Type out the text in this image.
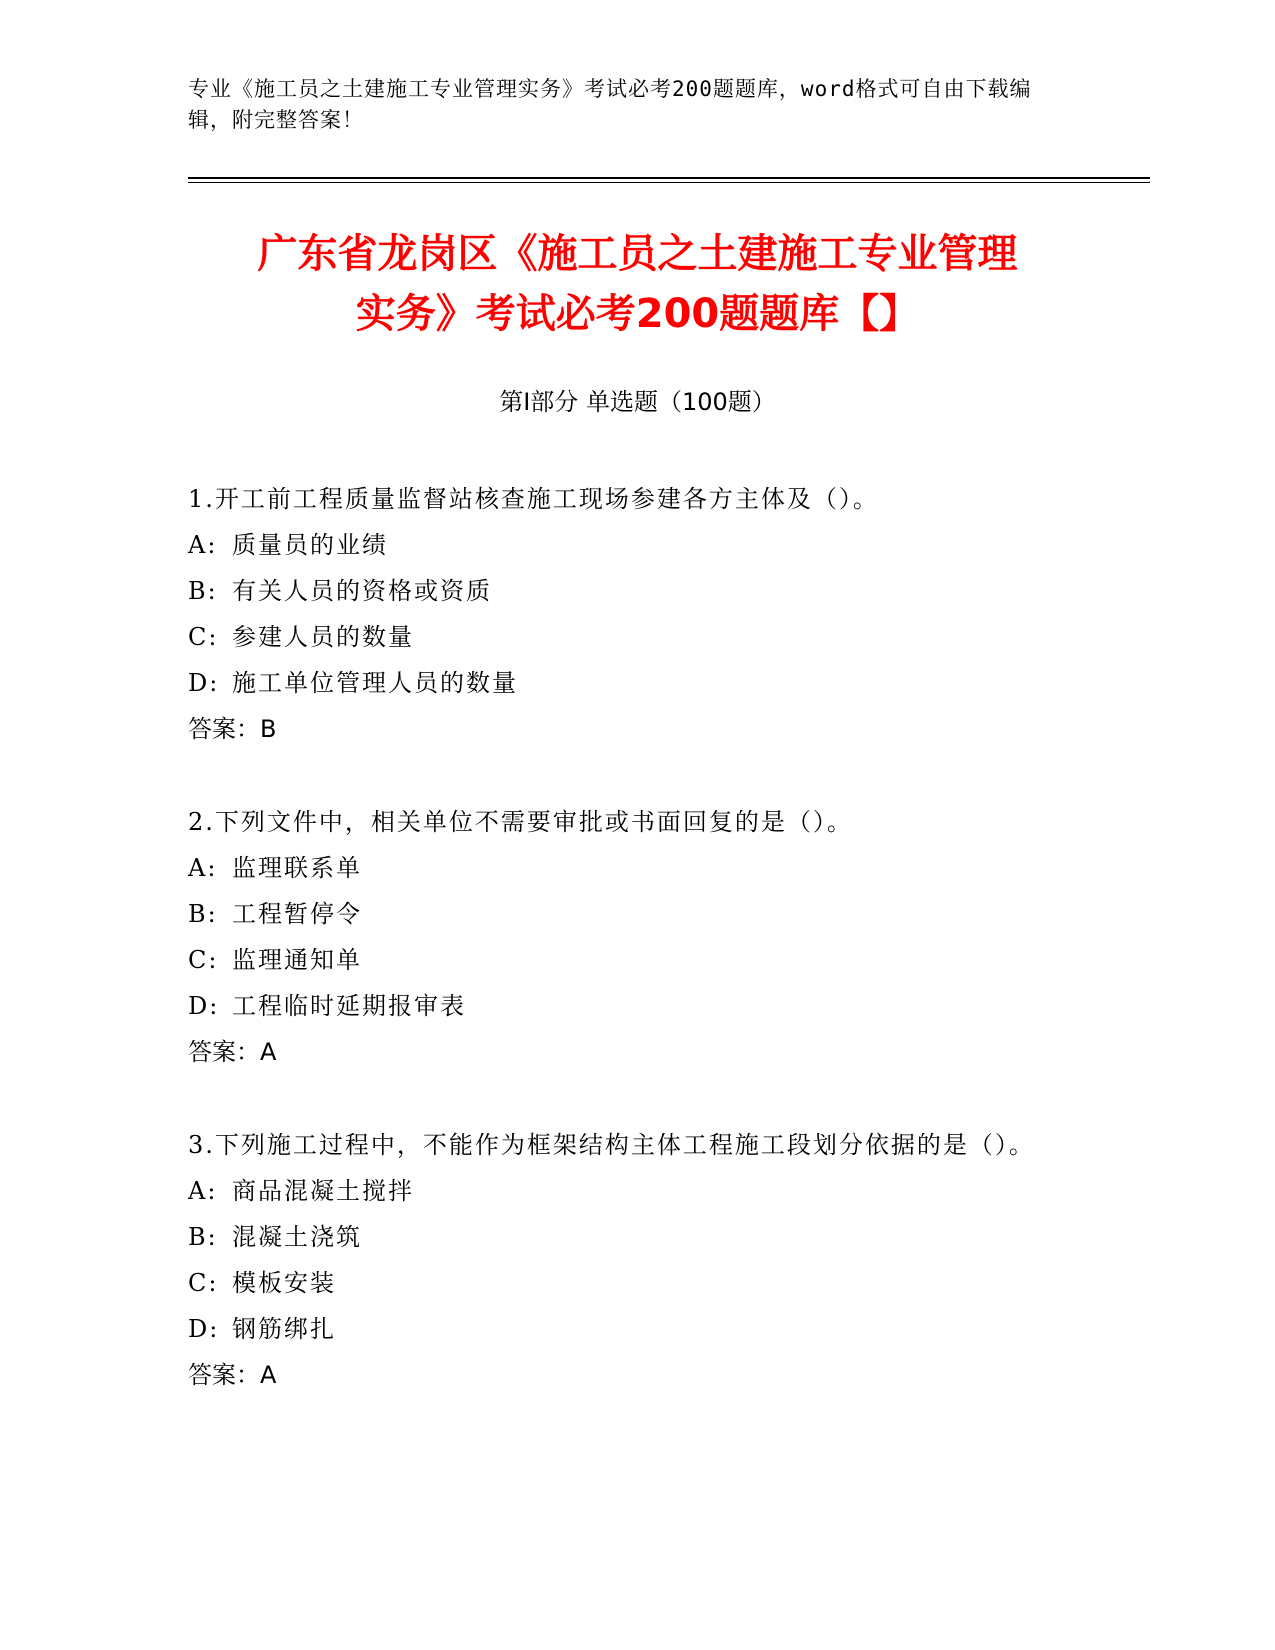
专业《施工员之土建施工专业管理实务》考试必考200题题库，word格式可自由下载编辑，附完整答案！
广东省龙岗区《施工员之土建施工专业管理
实务》考试必考200题题库【】
第I部分 单选题（100题）
1.开工前工程质量监督站核查施工现场参建各方主体及（）。
A: 质量员的业绩
B: 有关人员的资格或资质
C: 参建人员的数量
D: 施工单位管理人员的数量
答案：B
2.下列文件中，相关单位不需要审批或书面回复的是（）。
A: 监理联系单
B: 工程暂停令
C: 监理通知单
D: 工程临时延期报审表
答案：A
3.下列施工过程中，不能作为框架结构主体工程施工段划分依据的是（）。
A: 商品混凝土搅拌
B: 混凝土浇筑
C: 模板安装
D: 钢筋绑扎
答案：A
